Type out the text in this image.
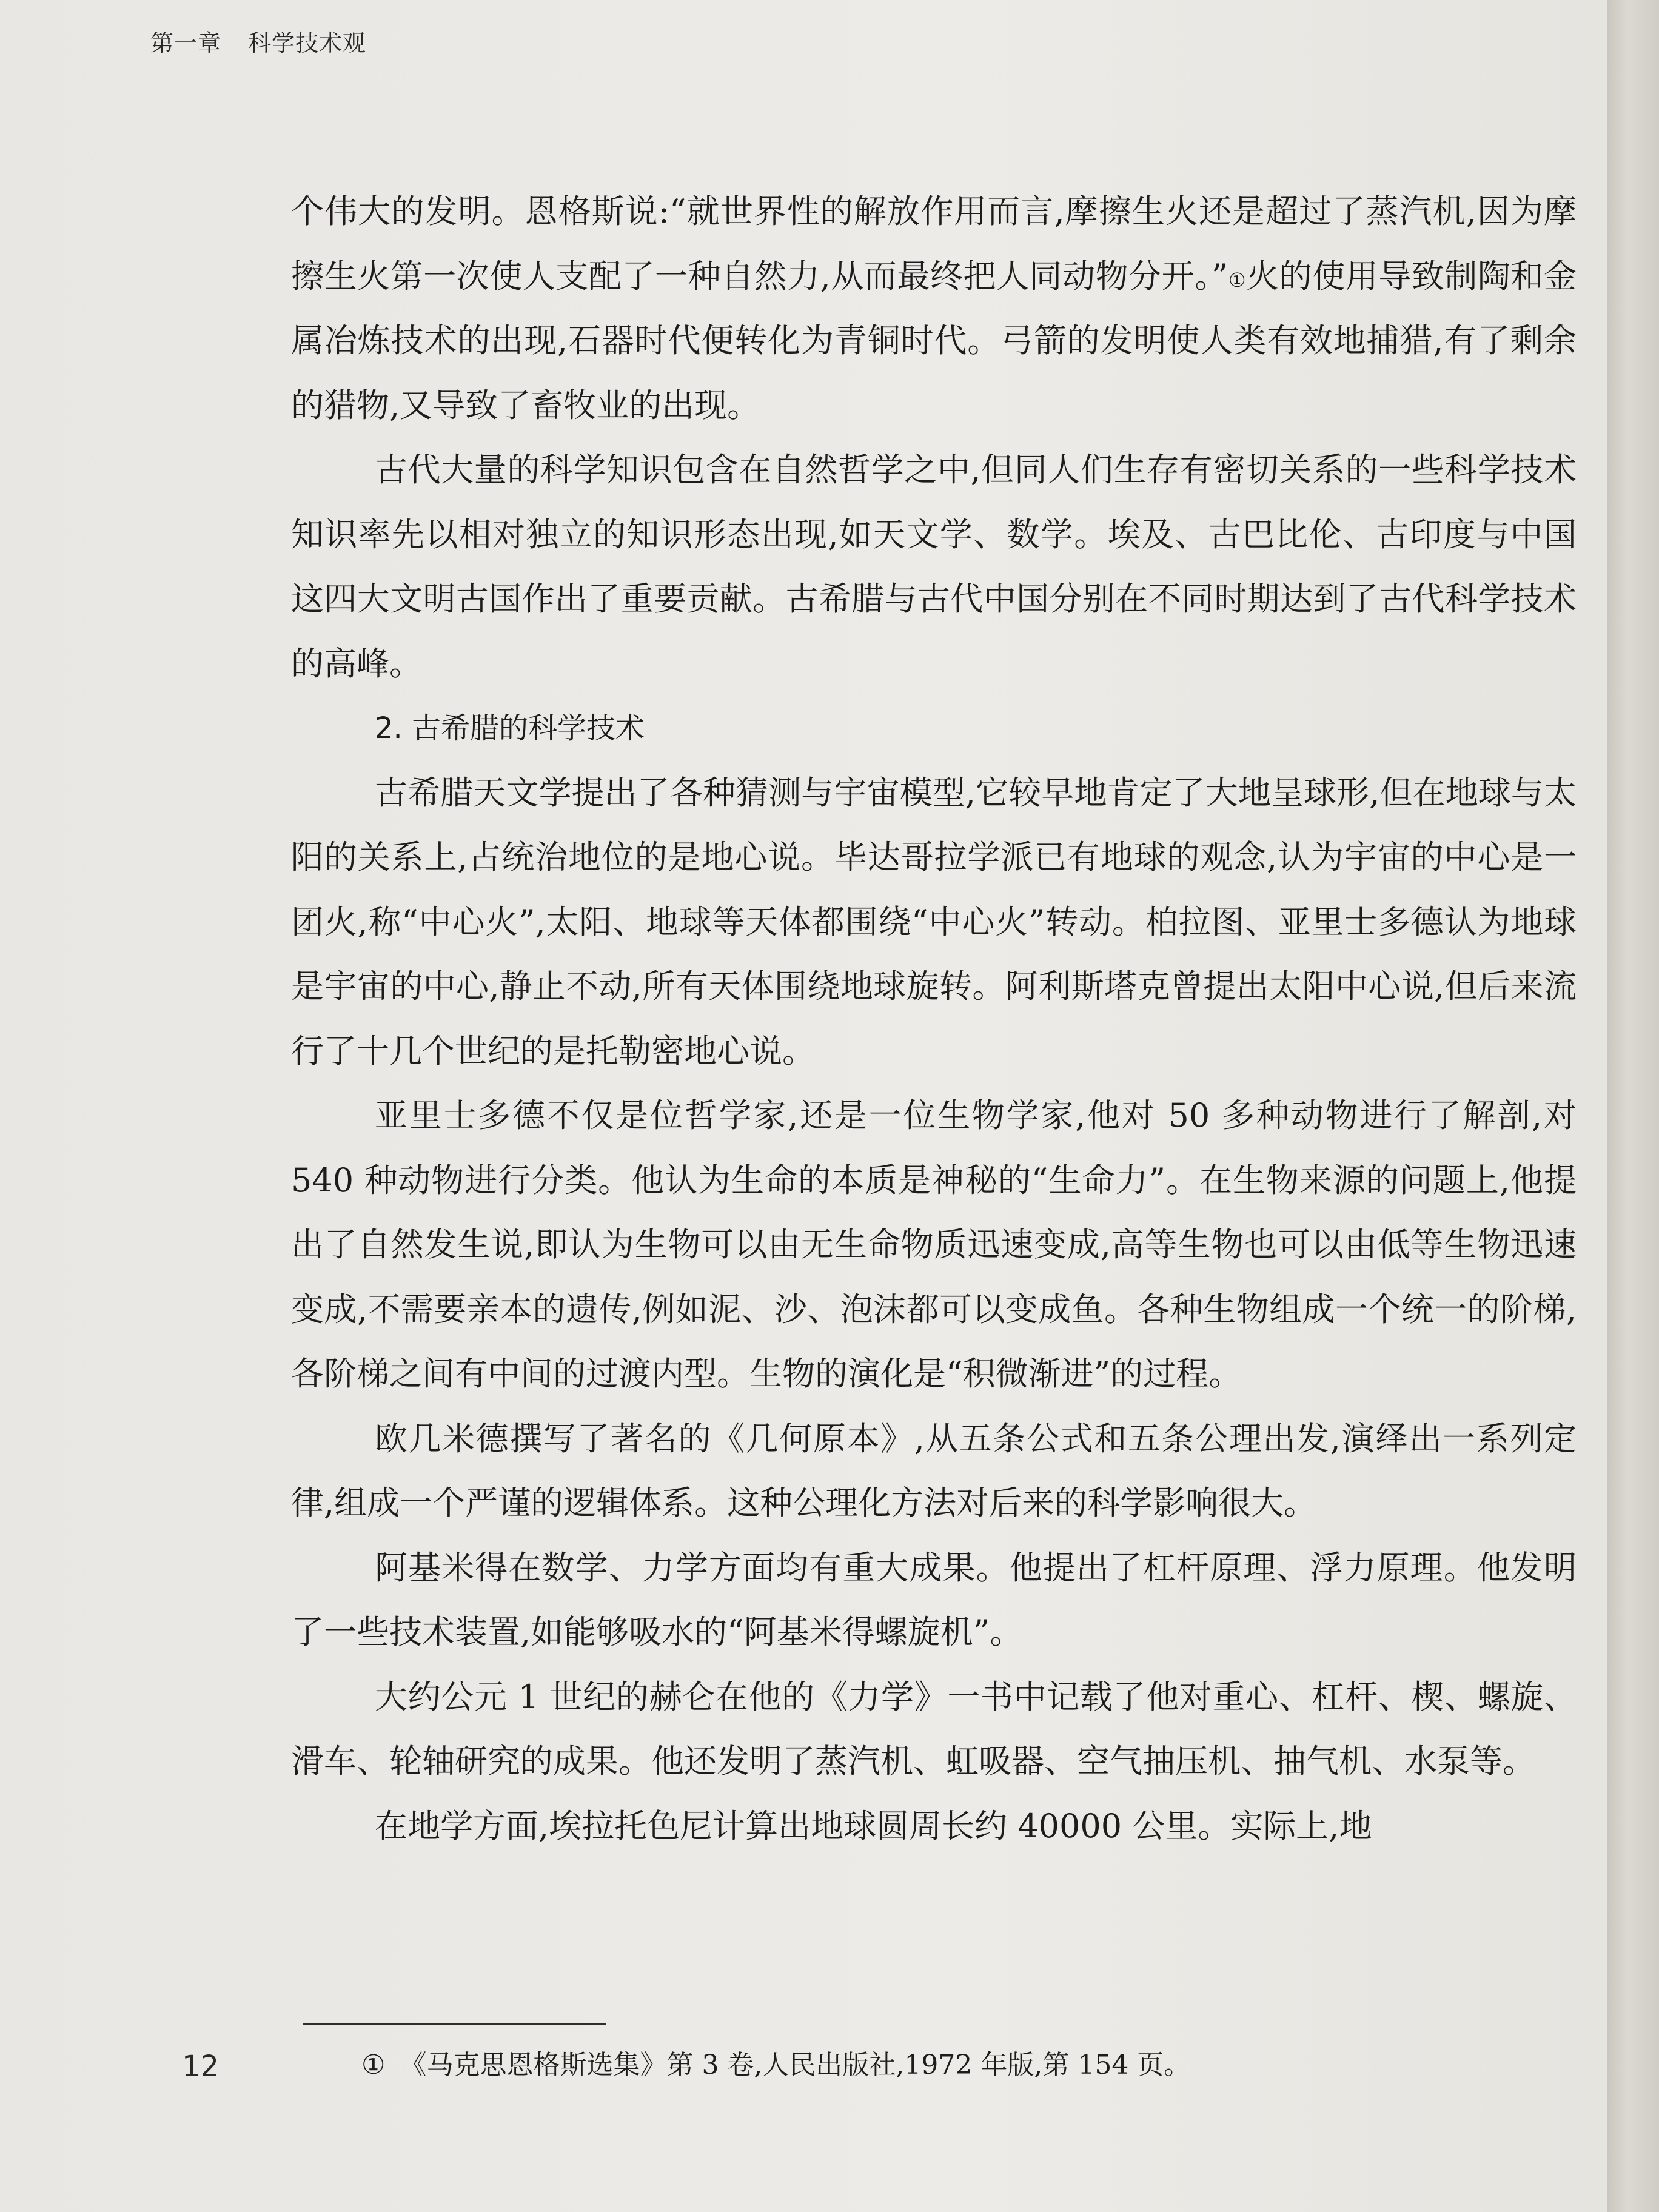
第一章 科学技术观

个伟大的发明。恩格斯说:“就世界性的解放作用而言,摩擦生火还是超过了蒸汽机,因为摩擦生火第一次使人支配了一种自然力,从而最终把人同动物分开。”①火的使用导致制陶和金属冶炼技术的出现,石器时代便转化为青铜时代。弓箭的发明使人类有效地捕猎,有了剩余的猎物,又导致了畜牧业的出现。

古代大量的科学知识包含在自然哲学之中,但同人们生存有密切关系的一些科学技术知识率先以相对独立的知识形态出现,如天文学、数学。埃及、古巴比伦、古印度与中国这四大文明古国作出了重要贡献。古希腊与古代中国分别在不同时期达到了古代科学技术的高峰。

2. 古希腊的科学技术

古希腊天文学提出了各种猜测与宇宙模型,它较早地肯定了大地呈球形,但在地球与太阳的关系上,占统治地位的是地心说。毕达哥拉学派已有地球的观念,认为宇宙的中心是一团火,称“中心火”,太阳、地球等天体都围绕“中心火”转动。柏拉图、亚里士多德认为地球是宇宙的中心,静止不动,所有天体围绕地球旋转。阿利斯塔克曾提出太阳中心说,但后来流行了十几个世纪的是托勒密地心说。

亚里士多德不仅是位哲学家,还是一位生物学家,他对 50 多种动物进行了解剖,对 540 种动物进行分类。他认为生命的本质是神秘的“生命力”。在生物来源的问题上,他提出了自然发生说,即认为生物可以由无生命物质迅速变成,高等生物也可以由低等生物迅速变成,不需要亲本的遗传,例如泥、沙、泡沫都可以变成鱼。各种生物组成一个统一的阶梯,各阶梯之间有中间的过渡内型。生物的演化是“积微渐进”的过程。

欧几米德撰写了著名的《几何原本》,从五条公式和五条公理出发,演绎出一系列定律,组成一个严谨的逻辑体系。这种公理化方法对后来的科学影响很大。

阿基米得在数学、力学方面均有重大成果。他提出了杠杆原理、浮力原理。他发明了一些技术装置,如能够吸水的“阿基米得螺旋机”。

大约公元 1 世纪的赫仑在他的《力学》一书中记载了他对重心、杠杆、楔、螺旋、滑车、轮轴研究的成果。他还发明了蒸汽机、虹吸器、空气抽压机、抽气机、水泵等。

在地学方面,埃拉托色尼计算出地球圆周长约 40000 公里。实际上,地

12	① 《马克思恩格斯选集》第 3 卷,人民出版社,1972 年版,第 154 页。
